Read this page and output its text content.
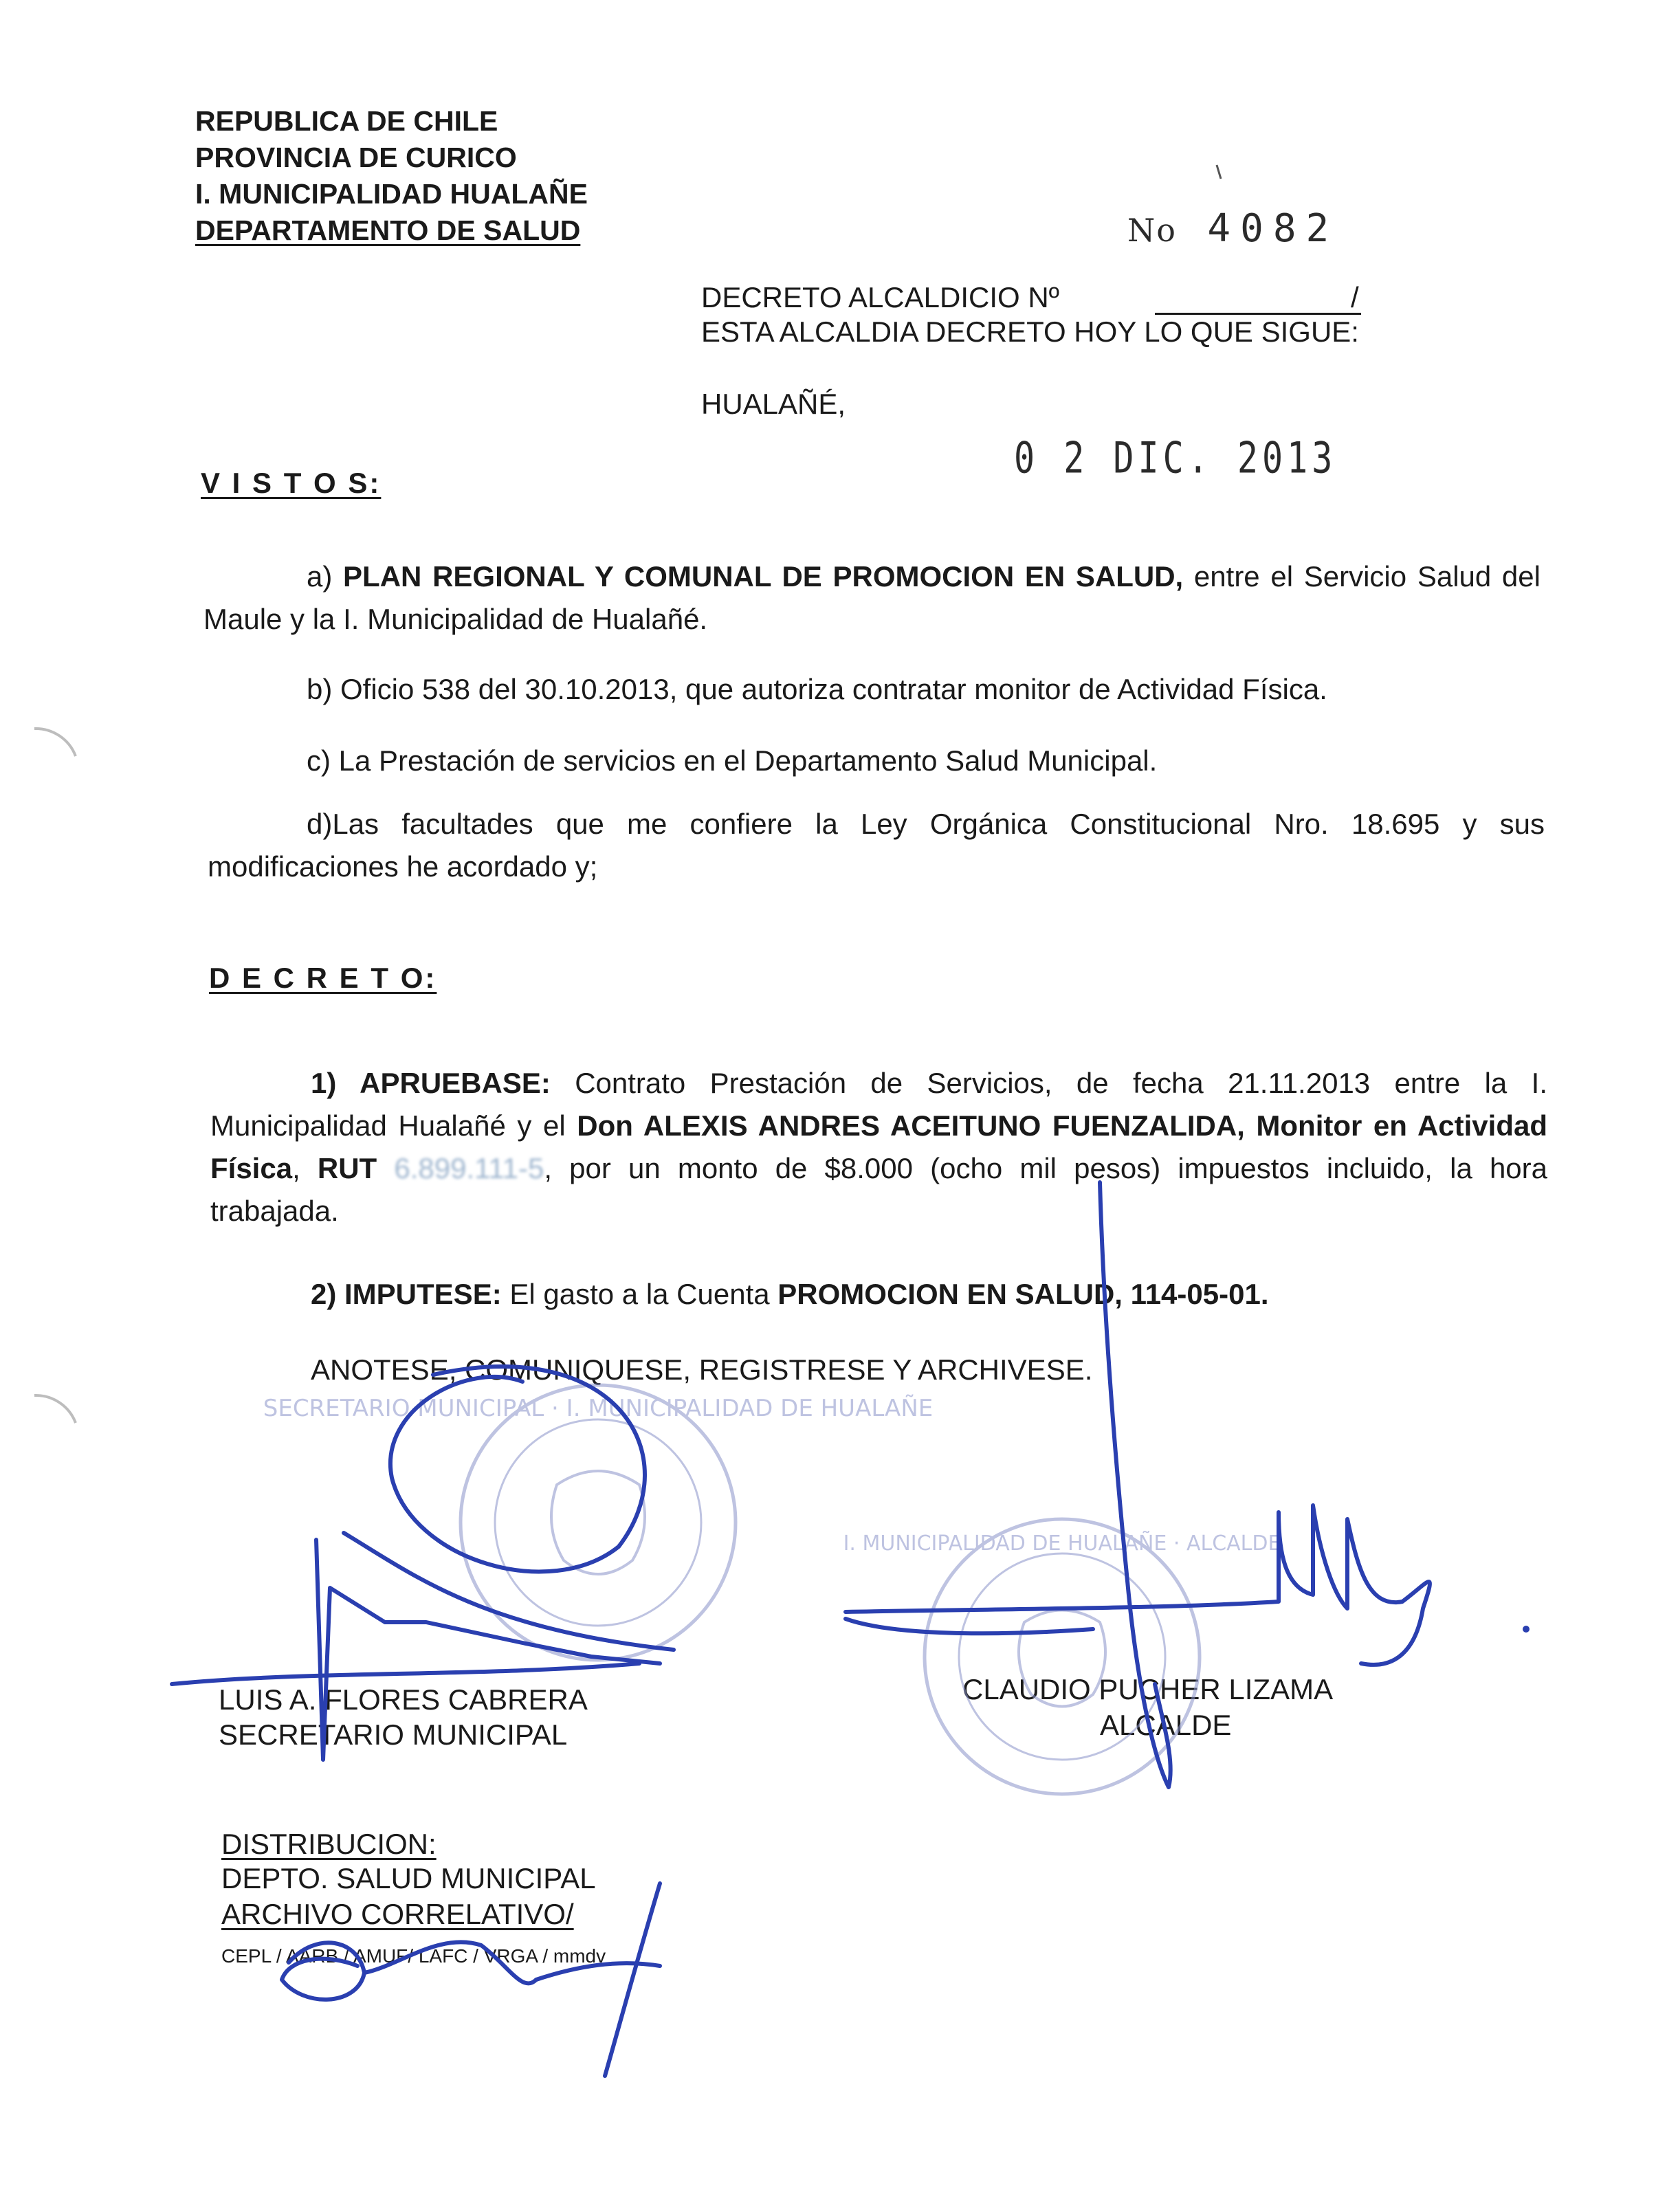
REPUBLICA DE CHILE
PROVINCIA DE CURICO
I. MUNICIPALIDAD HUALAÑE
DEPARTAMENTO DE SALUD	No 4082
DECRETO ALCALDICIO Nº	/
ESTA ALCALDIA DECRETO HOY LO QUE SIGUE:
HUALAÑÉ,
0 2 DIC. 2013
V I S T O S:
a) PLAN REGIONAL Y COMUNAL DE PROMOCION EN SALUD, entre el Servicio Salud del Maule y la I. Municipalidad de Hualañé.
b) Oficio 538 del 30.10.2013, que autoriza contratar monitor de Actividad Física.
c) La Prestación de servicios en el Departamento Salud Municipal.
d)Las facultades que me confiere la Ley Orgánica Constitucional Nro. 18.695 y sus modificaciones he acordado y;
D E C R E T O:
1) APRUEBASE: Contrato Prestación de Servicios, de fecha 21.11.2013 entre la I. Municipalidad Hualañé y el Don ALEXIS ANDRES ACEITUNO FUENZALIDA, Monitor en Actividad Física, RUT 6.899.111-5, por un monto de $8.000 (ocho mil pesos) impuestos incluido, la hora trabajada.
2) IMPUTESE: El gasto a la Cuenta PROMOCION EN SALUD, 114-05-01.
ANOTESE, COMUNIQUESE, REGISTRESE Y ARCHIVESE.
LUIS A. FLORES CABRERA
SECRETARIO MUNICIPAL
CLAUDIO PUCHER LIZAMA
ALCALDE
DISTRIBUCION:
DEPTO. SALUD MUNICIPAL
ARCHIVO CORRELATIVO/
CEPL / AARB / AMUF/ LAFC / VRGA / mmdv
SECRETARIO MUNICIPAL · I. MUNICIPALIDAD DE HUALAÑE
I. MUNICIPALIDAD DE HUALAÑE · ALCALDE
